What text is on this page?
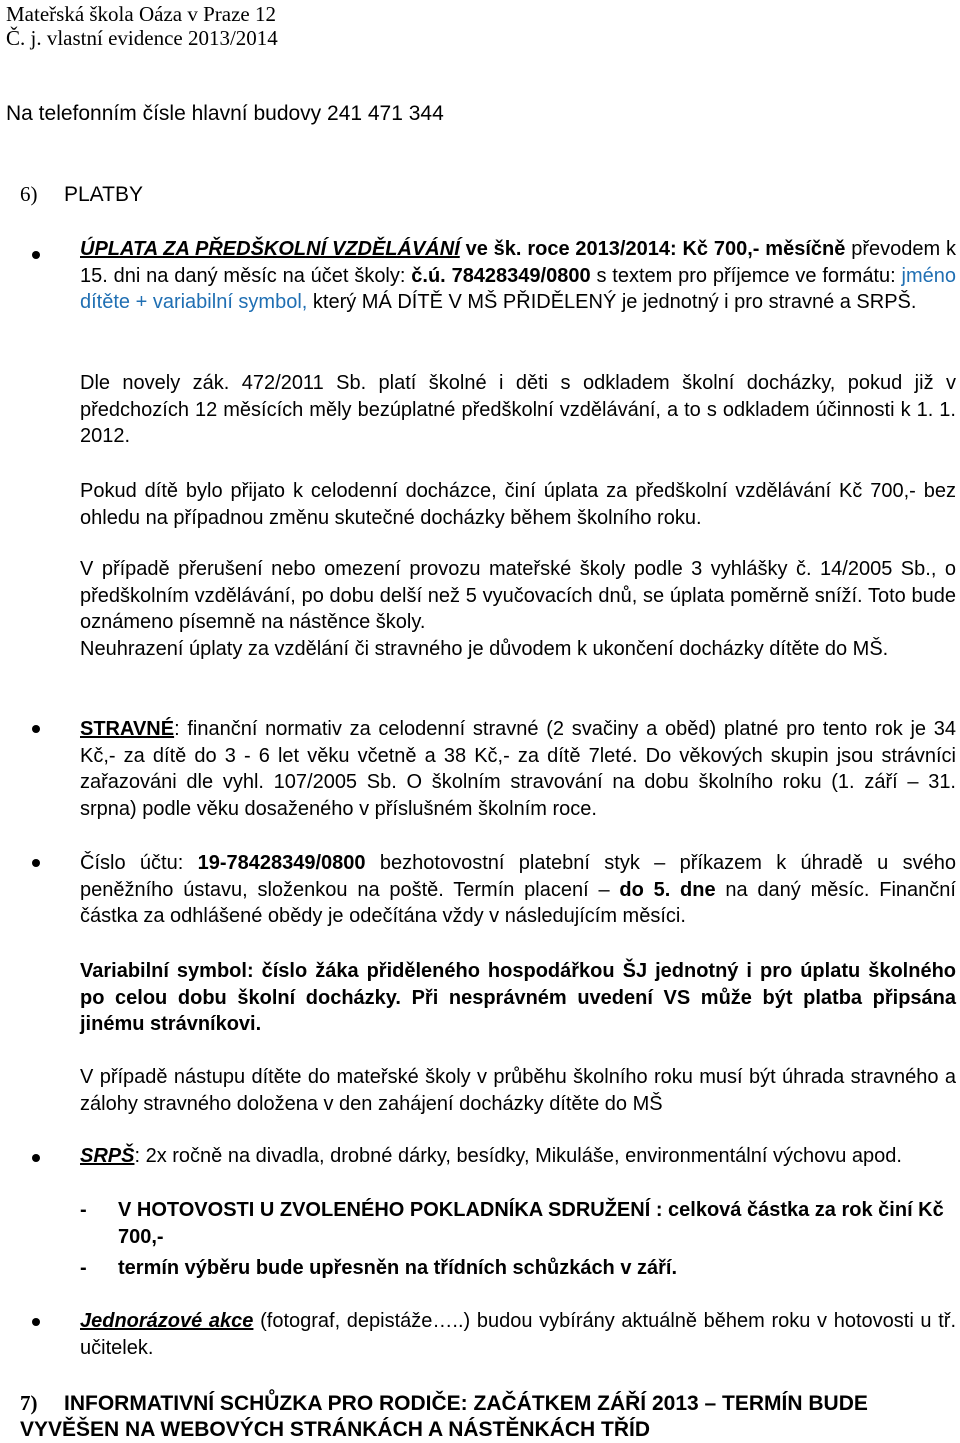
Mateřská škola Oáza v Praze 12
Č. j. vlastní evidence 2013/2014
Na telefonním čísle hlavní budovy 241 471 344
6) PLATBY
ÚPLATA ZA PŘEDŠKOLNÍ VZDĚLÁVÁNÍ ve šk. roce 2013/2014: Kč 700,- měsíčně převodem k 15. dni na daný měsíc na účet školy: č.ú. 78428349/0800 s textem pro příjemce ve formátu: jméno dítěte + variabilní symbol, který MÁ DÍTĚ V MŠ PŘIDĚLENÝ je jednotný i pro stravné a SRPŠ.
Dle novely zák. 472/2011 Sb. platí školné i děti s odkladem školní docházky, pokud již v předchozích 12 měsících měly bezúplatné předškolní vzdělávání, a to s odkladem účinnosti k 1. 1. 2012.
Pokud dítě bylo přijato k celodenní docházce, činí úplata za předškolní vzdělávání Kč 700,- bez ohledu na případnou změnu skutečné docházky během školního roku.
V případě přerušení nebo omezení provozu mateřské školy podle 3 vyhlášky č. 14/2005 Sb., o předškolním vzdělávání, po dobu delší než 5 vyučovacích dnů, se úplata poměrně sníží. Toto bude oznámeno písemně na nástěnce školy.
Neuhrazení úplaty za vzdělání či stravného je důvodem k ukončení docházky dítěte do MŠ.
STRAVNÉ: finanční normativ za celodenní stravné (2 svačiny a oběd) platné pro tento rok je 34 Kč,- za dítě do 3 - 6 let věku včetně a 38 Kč,- za dítě 7leté. Do věkových skupin jsou strávníci zařazováni dle vyhl. 107/2005 Sb. O školním stravování na dobu školního roku (1. září – 31. srpna) podle věku dosaženého v příslušném školním roce.
Číslo účtu: 19-78428349/0800 bezhotovostní platební styk – příkazem k úhradě u svého peněžního ústavu, složenkou na poště. Termín placení – do 5. dne na daný měsíc. Finanční částka za odhlášené obědy je odečítána vždy v následujícím měsíci.
Variabilní symbol: číslo žáka přiděleného hospodářkou ŠJ jednotný i pro úplatu školného po celou dobu školní docházky. Při nesprávném uvedení VS může být platba připsána jinému strávníkovi.
V případě nástupu dítěte do mateřské školy v průběhu školního roku musí být úhrada stravného a zálohy stravného doložena v den zahájení docházky dítěte do MŠ
SRPŠ: 2x ročně na divadla, drobné dárky, besídky, Mikuláše, environmentální výchovu apod.
- V HOTOVOSTI U ZVOLENÉHO POKLADNÍKA SDRUŽENÍ : celková částka za rok činí Kč 700,-
- termín výběru bude upřesněn na třídních schůzkách v září.
Jednorázové akce (fotograf, depistáže…..) budou vybírány aktuálně během roku v hotovosti u tř. učitelek.
7) INFORMATIVNÍ SCHŮZKA PRO RODIČE: ZAČÁTKEM ZÁŘÍ 2013 – TERMÍN BUDE VYVĚŠEN NA WEBOVÝCH STRÁNKÁCH A NÁSTĚNKÁCH TŘÍD
